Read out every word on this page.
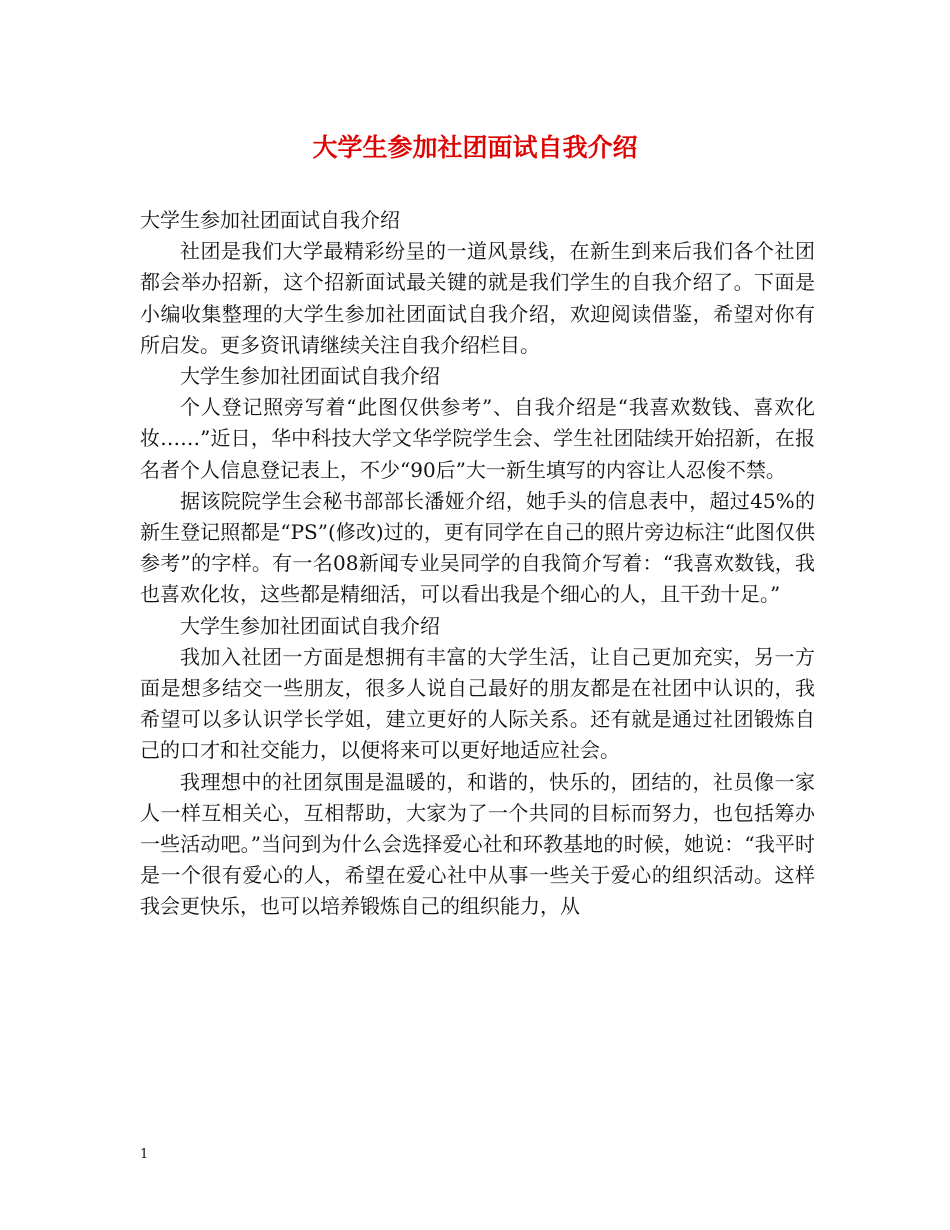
大学生参加社团面试自我介绍

大学生参加社团面试自我介绍

社团是我们大学最精彩纷呈的一道风景线，在新生到来后我们各个社团都会举办招新，这个招新面试最关键的就是我们学生的自我介绍了。下面是小编收集整理的大学生参加社团面试自我介绍，欢迎阅读借鉴，希望对你有所启发。更多资讯请继续关注自我介绍栏目。

大学生参加社团面试自我介绍

个人登记照旁写着“此图仅供参考”、自我介绍是“我喜欢数钱、喜欢化妆……”近日，华中科技大学文华学院学生会、学生社团陆续开始招新，在报名者个人信息登记表上，不少“90后”大一新生填写的内容让人忍俊不禁。

据该院院学生会秘书部部长潘娅介绍，她手头的信息表中，超过45%的新生登记照都是“PS”(修改)过的，更有同学在自己的照片旁边标注“此图仅供参考”的字样。有一名08新闻专业吴同学的自我简介写着：“我喜欢数钱，我也喜欢化妆，这些都是精细活，可以看出我是个细心的人，且干劲十足。”

大学生参加社团面试自我介绍

我加入社团一方面是想拥有丰富的大学生活，让自己更加充实，另一方面是想多结交一些朋友，很多人说自己最好的朋友都是在社团中认识的，我希望可以多认识学长学姐，建立更好的人际关系。还有就是通过社团锻炼自己的口才和社交能力，以便将来可以更好地适应社会。

我理想中的社团氛围是温暖的，和谐的，快乐的，团结的，社员像一家人一样互相关心，互相帮助，大家为了一个共同的目标而努力，也包括筹办一些活动吧。”当问到为什么会选择爱心社和环教基地的时候，她说：“我平时是一个很有爱心的人，希望在爱心社中从事一些关于爱心的组织活动。这样我会更快乐，也可以培养锻炼自己的组织能力，从

1
